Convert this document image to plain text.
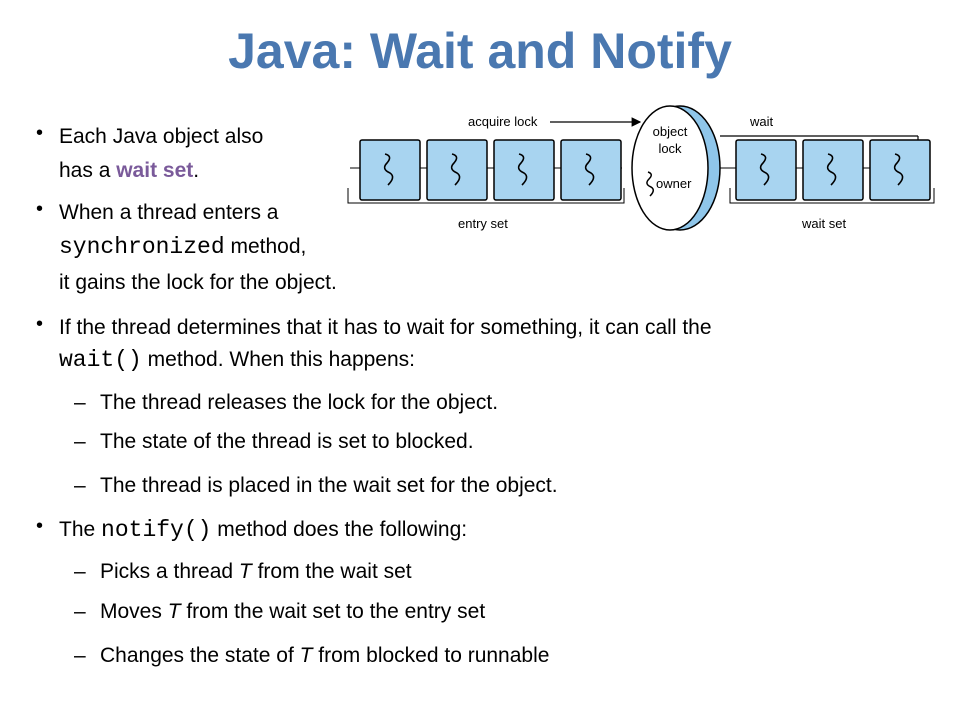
Java: Wait and Notify
• Each Java object also
has a wait set.
• When a thread enters a
synchronized method,
it gains the lock for the object.
• If the thread determines that it has to wait for something, it can call the
wait() method. When this happens:
– The thread releases the lock for the object.
– The state of the thread is set to blocked.
– The thread is placed in the wait set for the object.
• The notify() method does the following:
– Picks a thread T from the wait set
– Moves T from the wait set to the entry set
– Changes the state of T from blocked to runnable
acquire lock	wait
entry set
object
lock
owner
wait set
